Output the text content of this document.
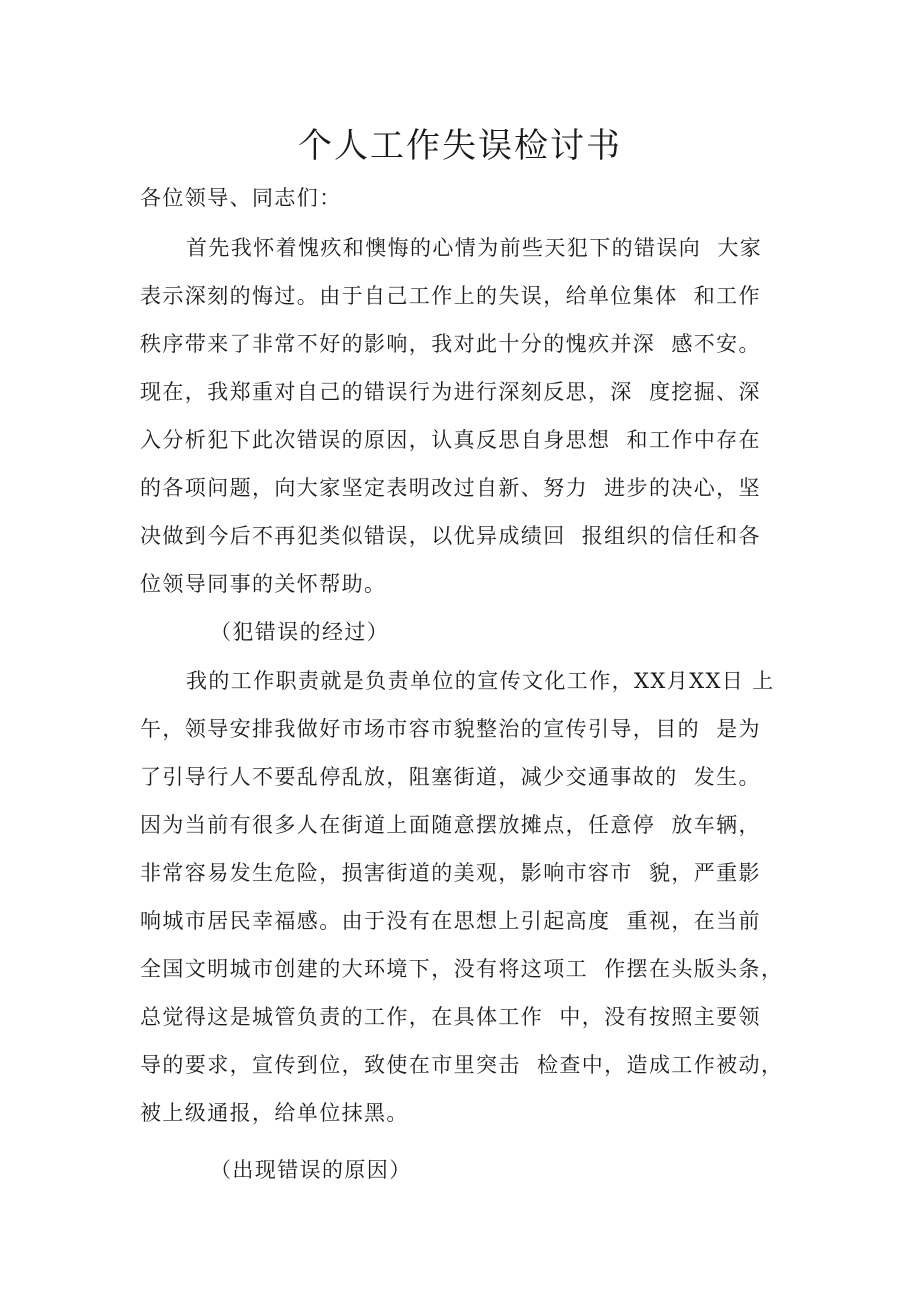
个人工作失误检讨书
各位领导、同志们：
首先我怀着愧疚和懊悔的心情为前些天犯下的错误向  大家
表示深刻的悔过。由于自己工作上的失误，给单位集体  和工作
秩序带来了非常不好的影响，我对此十分的愧疚并深  感不安。
现在，我郑重对自己的错误行为进行深刻反思，深  度挖掘、深
入分析犯下此次错误的原因，认真反思自身思想  和工作中存在
的各项问题，向大家坚定表明改过自新、努力  进步的决心，坚
决做到今后不再犯类似错误，以优异成绩回  报组织的信任和各
位领导同事的关怀帮助。
（犯错误的经过）
我的工作职责就是负责单位的宣传文化工作，XX月XX日 上
午，领导安排我做好市场市容市貌整治的宣传引导，目的  是为
了引导行人不要乱停乱放，阻塞街道，减少交通事故的  发生。
因为当前有很多人在街道上面随意摆放摊点，任意停  放车辆，
非常容易发生危险，损害街道的美观，影响市容市  貌，严重影
响城市居民幸福感。由于没有在思想上引起高度  重视，在当前
全国文明城市创建的大环境下，没有将这项工  作摆在头版头条，
总觉得这是城管负责的工作，在具体工作  中，没有按照主要领
导的要求，宣传到位，致使在市里突击  检查中，造成工作被动，
被上级通报，给单位抹黑。
（出现错误的原因）
